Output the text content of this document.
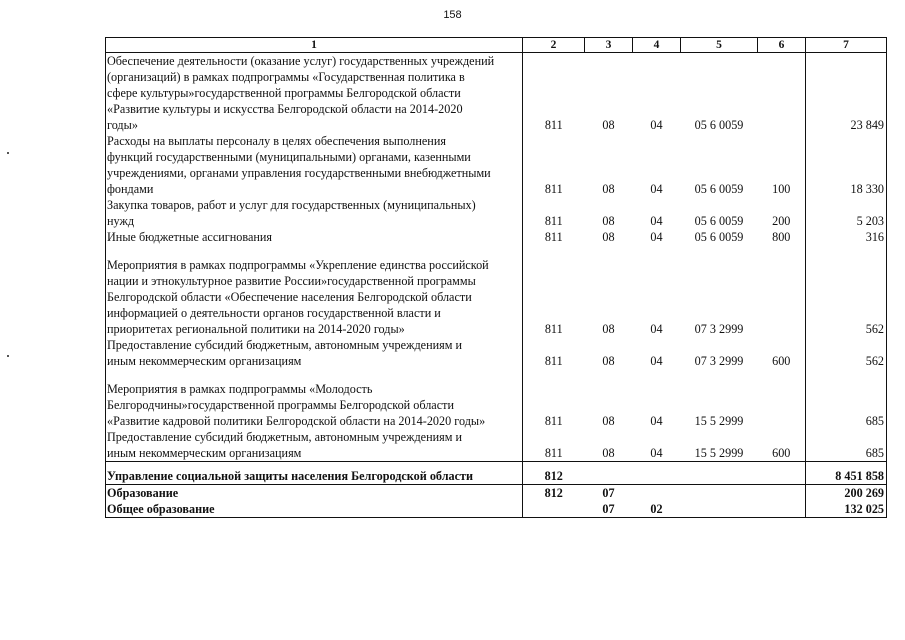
158
1	2	3	4	5	6	7
Обеспечение деятельности (оказание услуг) государственных учреждений
(организаций) в рамках подпрограммы «Государственная политика в
сфере культуры»государственной программы Белгородской области
«Развитие культуры и искусства Белгородской области на 2014-2020
годы»	811	08	04	05 6 0059		23 849
Расходы на выплаты персоналу в целях обеспечения выполнения
функций государственными (муниципальными) органами, казенными
учреждениями, органами управления государственными внебюджетными
фондами	811	08	04	05 6 0059	100	18 330
Закупка товаров, работ и услуг для государственных (муниципальных)
нужд	811	08	04	05 6 0059	200	5 203
Иные бюджетные ассигнования	811	08	04	05 6 0059	800	316

Мероприятия в рамках подпрограммы «Укрепление единства российской
нации и этнокультурное развитие России»государственной программы
Белгородской области «Обеспечение населения Белгородской области
информацией о деятельности органов государственной власти и
приоритетах региональной политики на 2014-2020 годы»	811	08	04	07 3 2999		562
Предоставление субсидий бюджетным, автономным учреждениям и
иным некоммерческим организациям	811	08	04	07 3 2999	600	562

Мероприятия в рамках подпрограммы «Молодость
Белгородчины»государственной программы Белгородской области
«Развитие кадровой политики Белгородской области на 2014-2020 годы»	811	08	04	15 5 2999		685
Предоставление субсидий бюджетным, автономным учреждениям и
иным некоммерческим организациям	811	08	04	15 5 2999	600	685
Управление социальной защиты населения Белгородской области	812					8 451 858
Образование	812	07				200 269
Общее образование		07	02			132 025
